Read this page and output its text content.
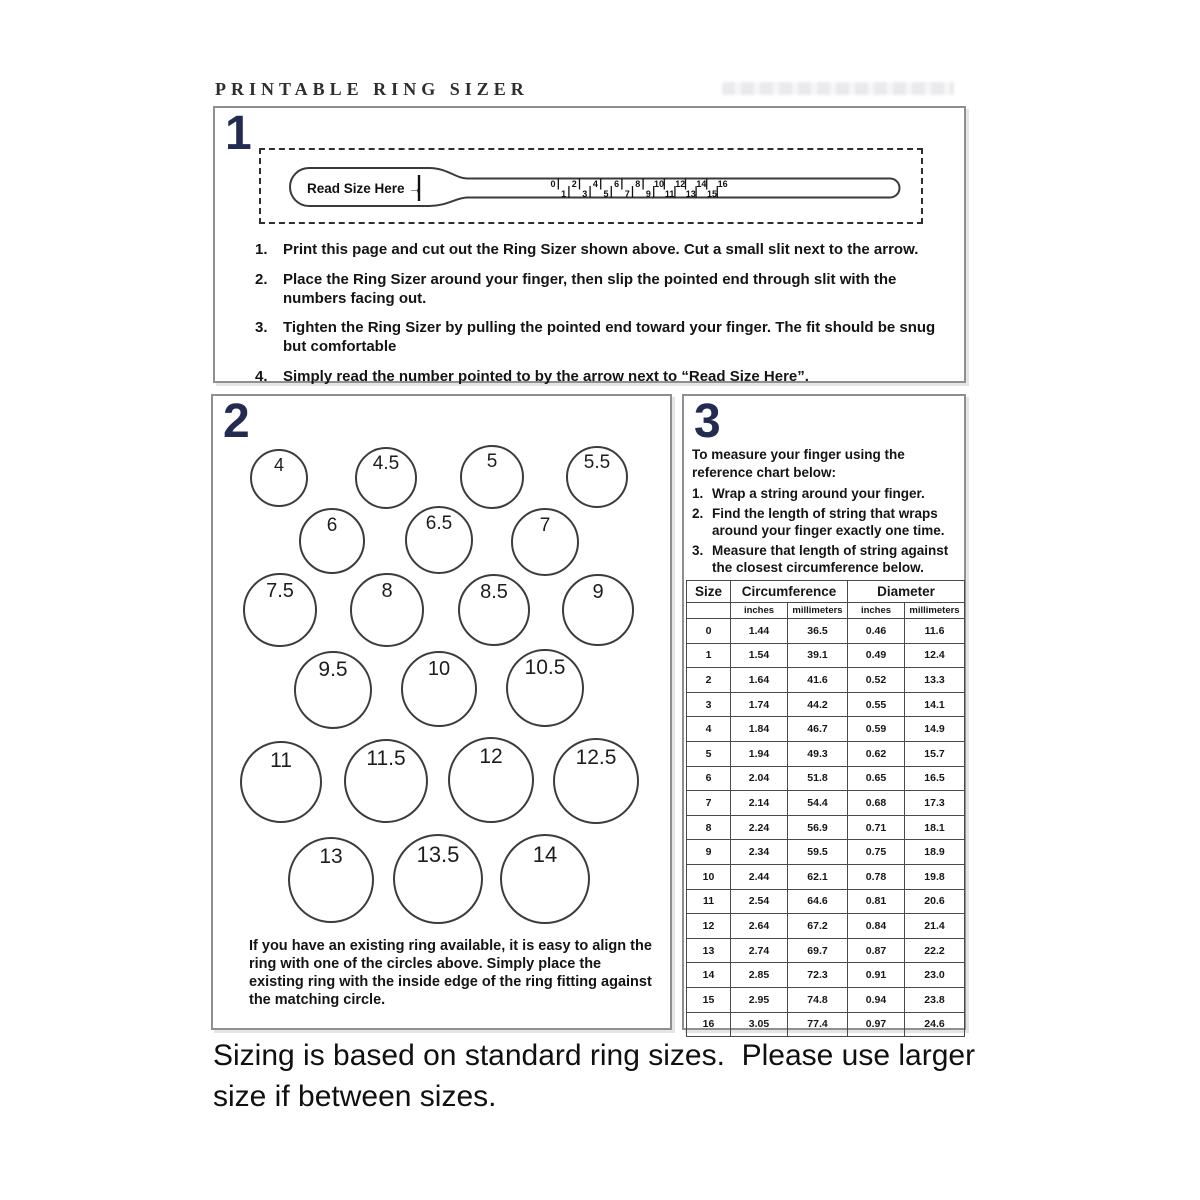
PRINTABLE RING SIZER
1
Read Size Here →	0
1
2
3
4
5
6
7
8
9
10
11
12
13
14
15
16
1.	Print this page and cut out the Ring Sizer shown above. Cut a small slit next to the arrow.
2.	Place the Ring Sizer around your finger, then slip the pointed end through slit with the numbers facing out.
3.	Tighten the Ring Sizer by pulling the pointed end toward your finger. The fit should be snug but comfortable
4.	Simply read the number pointed to by the arrow next to “Read Size Here”.
2
4	4.5	5	5.5
6	6.5	7
7.5	8	8.5	9
9.5	10	10.5
11	11.5	12	12.5
13	13.5	14
If you have an existing ring available, it is easy to align the ring with one of the circles above. Simply place the existing ring with the inside edge of the ring fitting against the matching circle.
3
To measure your finger using the reference chart below:
1. Wrap a string around your finger.
2. Find the length of string that wraps around your finger exactly one time.
3. Measure that length of string against the closest circumference below.
Size	Circumference		Diameter	
	inches	millimeters	inches	millimeters
0	1.44	36.5	0.46	11.6
1	1.54	39.1	0.49	12.4
2	1.64	41.6	0.52	13.3
3	1.74	44.2	0.55	14.1
4	1.84	46.7	0.59	14.9
5	1.94	49.3	0.62	15.7
6	2.04	51.8	0.65	16.5
7	2.14	54.4	0.68	17.3
8	2.24	56.9	0.71	18.1
9	2.34	59.5	0.75	18.9
10	2.44	62.1	0.78	19.8
11	2.54	64.6	0.81	20.6
12	2.64	67.2	0.84	21.4
13	2.74	69.7	0.87	22.2
14	2.85	72.3	0.91	23.0
15	2.95	74.8	0.94	23.8
16	3.05	77.4	0.97	24.6
Sizing is based on standard ring sizes.  Please use larger size if between sizes.
